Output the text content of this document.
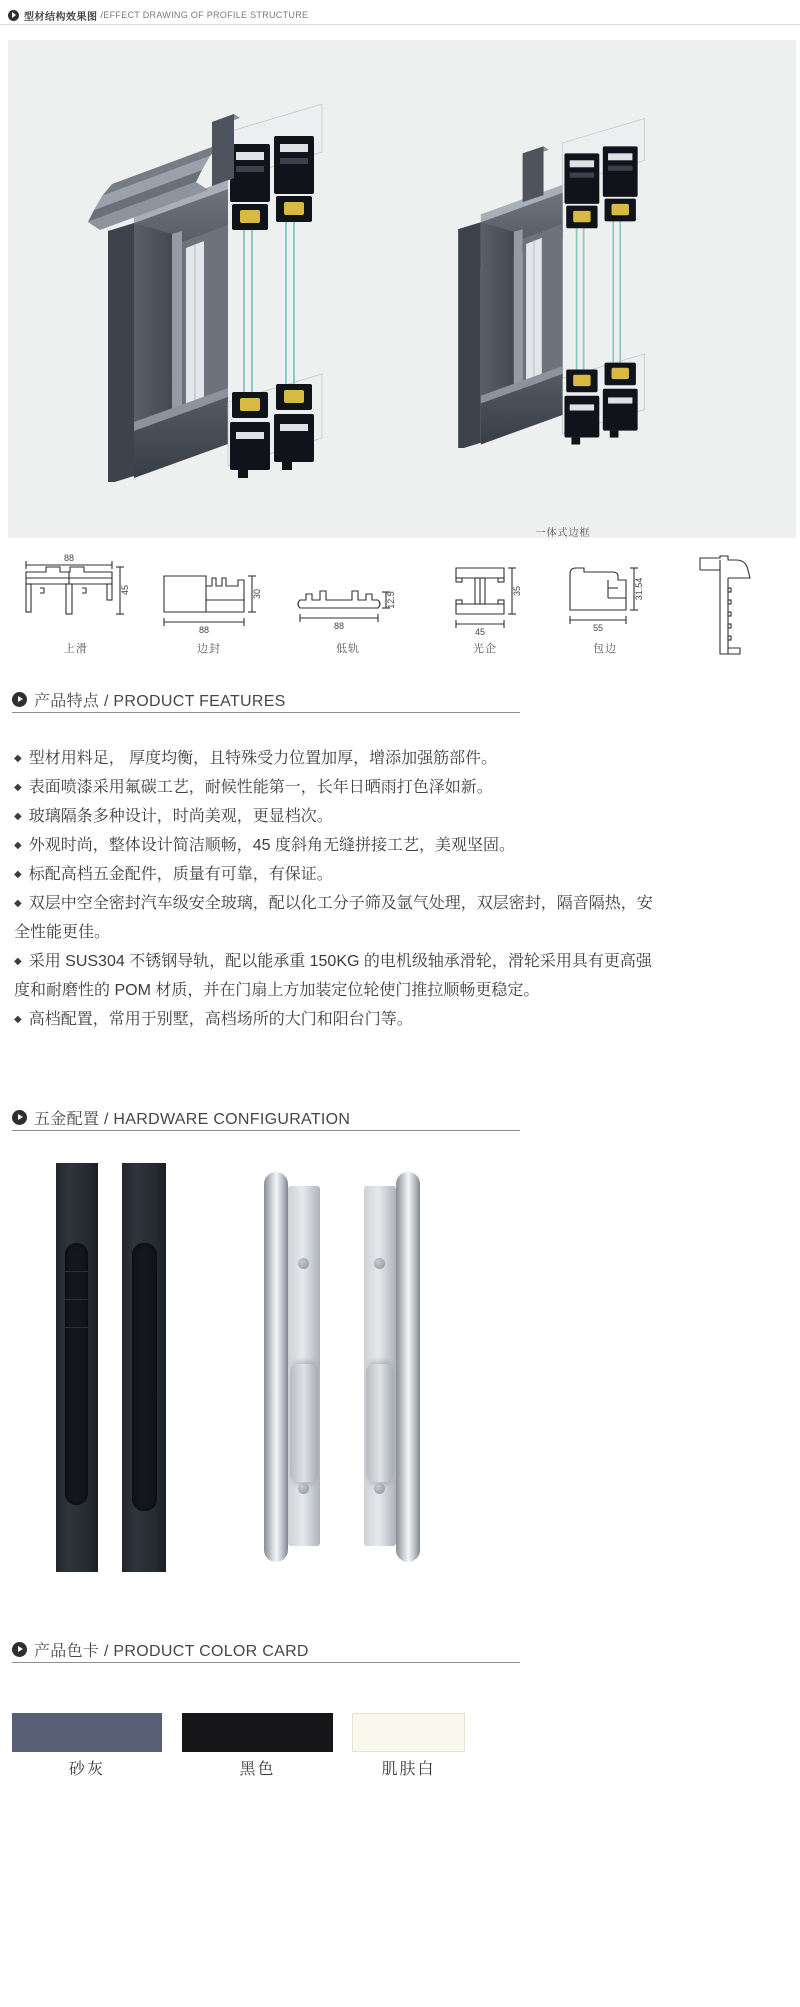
型材结构效果图 /EFFECT DRAWING OF PROFILE STRUCTURE
一体式边框
88
45
上滑
88
30
边封
88
12.5
低轨
45
35
光企
55
31.54
包边
产品特点 / PRODUCT FEATURES
◆ 型材用料足， 厚度均衡，且特殊受力位置加厚，增添加强筋部件。
◆ 表面喷漆采用氟碳工艺，耐候性能第一，长年日晒雨打色泽如新。
◆ 玻璃隔条多种设计，时尚美观，更显档次。
◆ 外观时尚，整体设计简洁顺畅，45 度斜角无缝拼接工艺，美观坚固。
◆ 标配高档五金配件，质量有可靠，有保证。
◆ 双层中空全密封汽车级安全玻璃，配以化工分子筛及氩气处理，双层密封，隔音隔热，安全性能更佳。
◆ 采用 SUS304 不锈钢导轨，配以能承重 150KG 的电机级轴承滑轮，滑轮采用具有更高强度和耐磨性的 POM 材质，并在门扇上方加装定位轮使门推拉顺畅更稳定。
◆ 高档配置，常用于别墅，高档场所的大门和阳台门等。
五金配置 / HARDWARE CONFIGURATION
产品色卡 / PRODUCT COLOR CARD
砂灰	黑色	肌肤白
